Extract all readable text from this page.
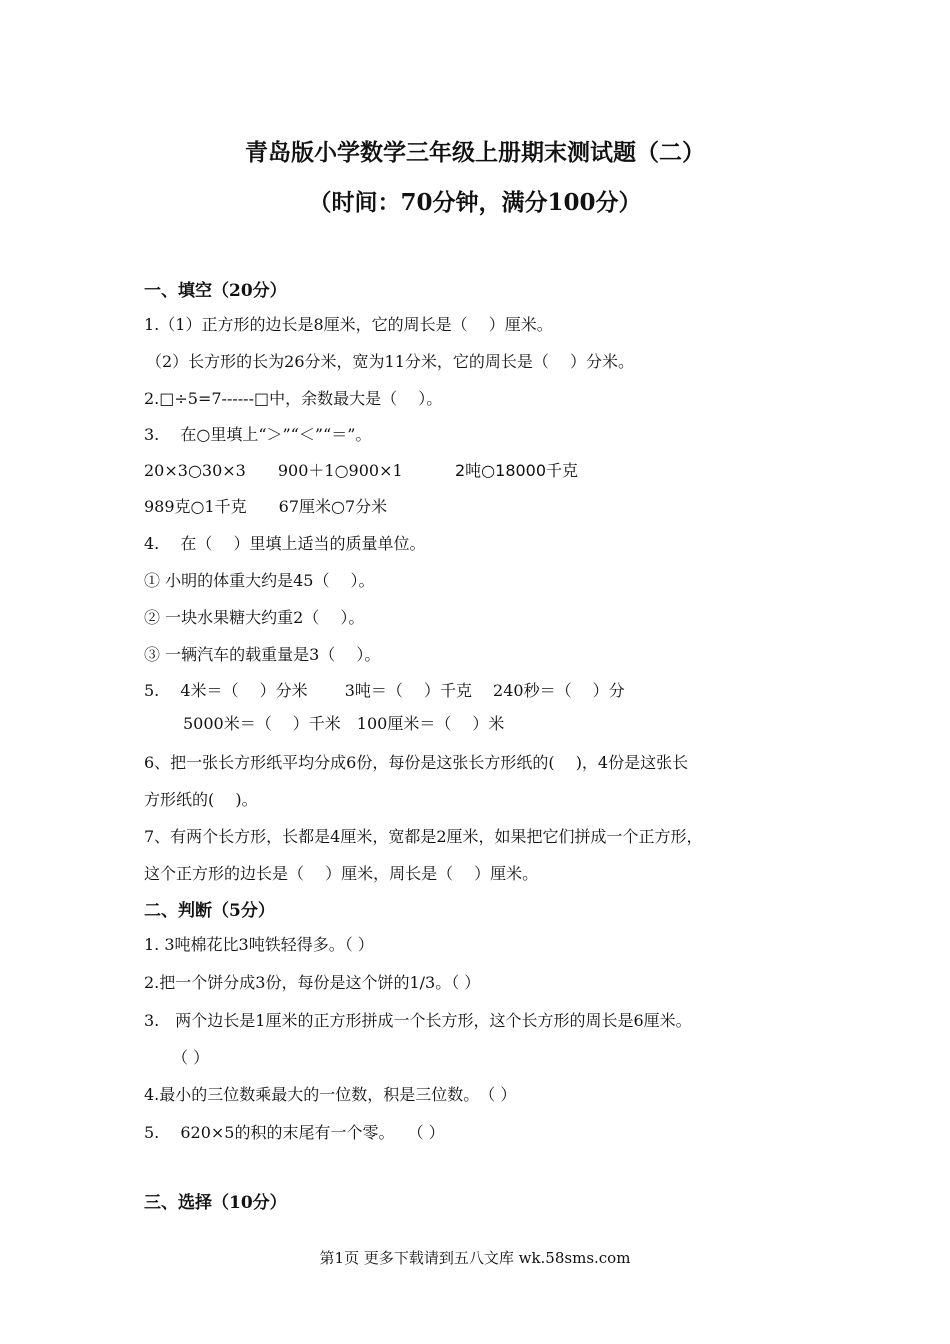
青岛版小学数学三年级上册期末测试题（二）
（时间：70分钟，满分100分）
一、填空（20分）
1.（1）正方形的边长是8厘米，它的周长是（　 ）厘米。
（2）长方形的长为26分米，宽为11分米，它的周长是（　 ）分米。
2.□÷5=7------□中，余数最大是（　 ）。
3.　 在○里填上“＞”“＜”“＝”。
20×3○30×3　　900＋1○900×1	2吨○18000千克
989克○1千克　　67厘米○7分米
4.　 在（　 ）里填上适当的质量单位。
① 小明的体重大约是45（　 ）。
② 一块水果糖大约重2（　 ）。
③ 一辆汽车的载重量是3（　 ）。
5.　 4米＝（　 ）分米　　 3吨＝（　 ）千克　 240秒＝（　 ）分
5000米＝（　 ）千米　100厘米＝（　 ）米
6、把一张长方形纸平均分成6份，每份是这张长方形纸的(　 )，4份是这张长
方形纸的(　 )。
7、有两个长方形，长都是4厘米，宽都是2厘米，如果把它们拼成一个正方形，
这个正方形的边长是（　 ）厘米，周长是（　 ）厘米。
二、判断（5分）
1. 3吨棉花比3吨铁轻得多。（ ）
2.把一个饼分成3份，每份是这个饼的1/3。（ ）
3.　两个边长是1厘米的正方形拼成一个长方形，这个长方形的周长是6厘米。
（ ）
4.最小的三位数乘最大的一位数，积是三位数。　（ ）
5.　 620×5的积的末尾有一个零。　 （ ）
三、选择（10分）
第1页 更多下载请到五八文库 wk.58sms.com
